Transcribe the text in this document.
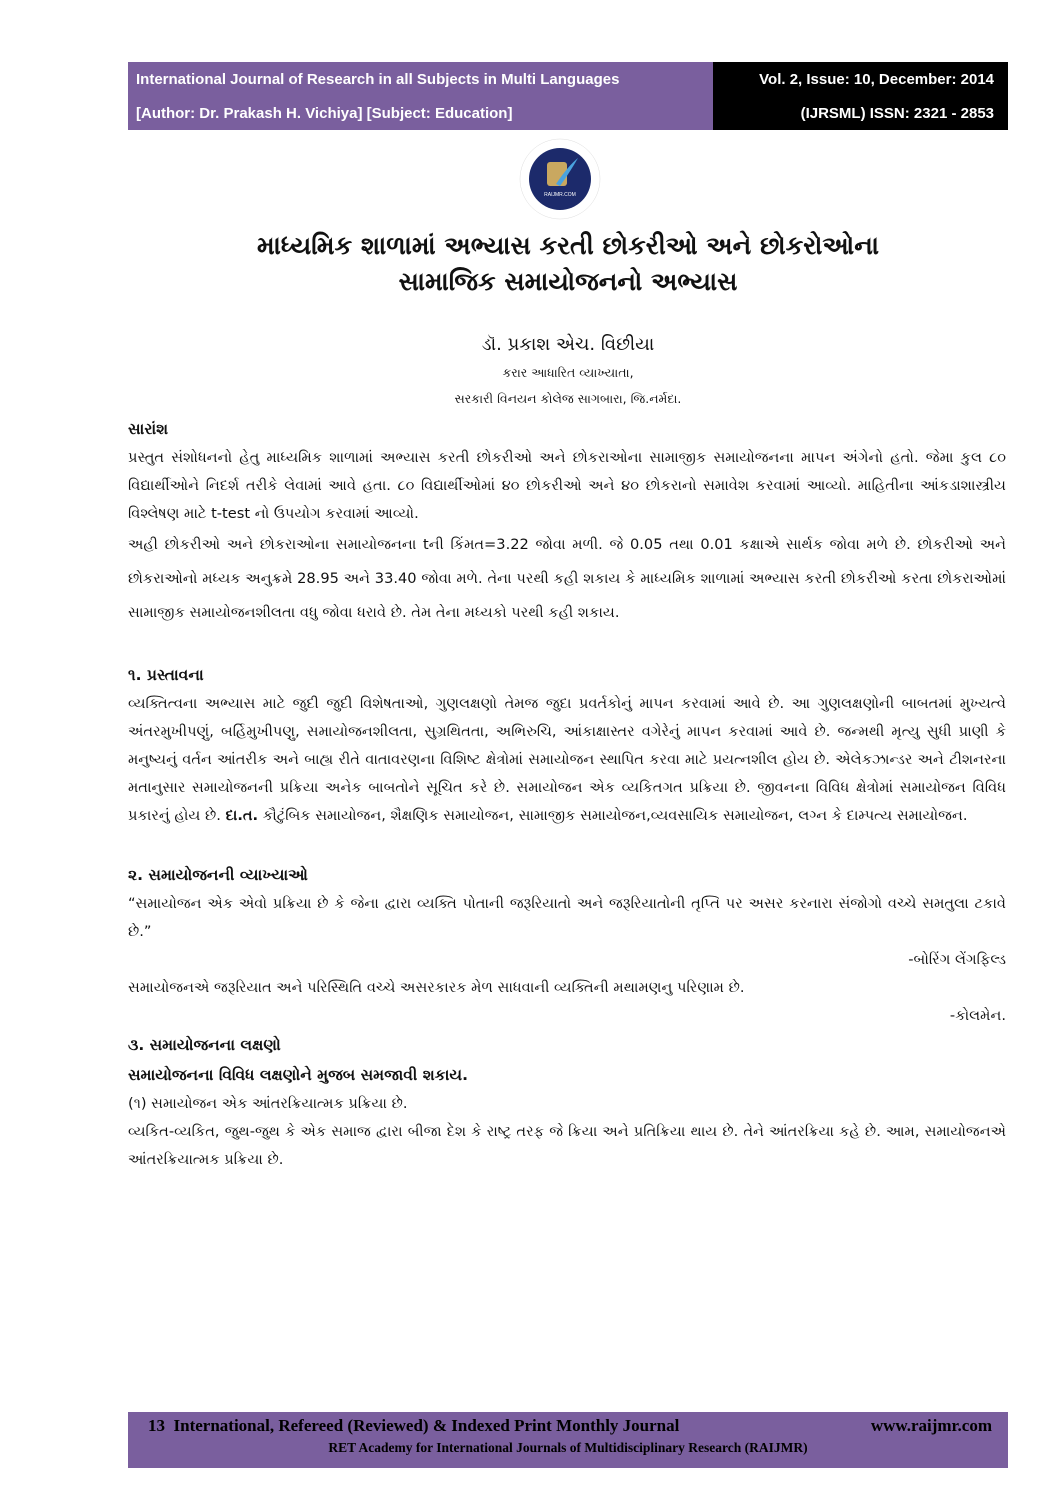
International Journal of Research in all Subjects in Multi Languages
[Author: Dr. Prakash H. Vichiya] [Subject: Education]
Vol. 2, Issue: 10, December: 2014
(IJRSML) ISSN: 2321 - 2853
RAIJMR.COM
માધ્યમિક શાળામાં અભ્યાસ કરતી છોકરીઓ અને છોકરોઓના
સામાજિક સમાયોજનનો અભ્યાસ
ડૉ. પ્રકાશ એચ. વિછીયા
કરાર આધારિત વ્યાખ્યાતા,
સરકારી વિનયન કોલેજ સાગબારા, જિ.નર્મદા.
સારાંશ
પ્રસ્તુત સંશોધનનો હેતુ માધ્યમિક શાળામાં અભ્યાસ કરતી છોકરીઓ અને છોકરાઓના સામાજીક સમાયોજનના માપન અંગેનો હતો. જેમા કુલ ૮૦ વિદ્યાર્થીઓને નિદર્શ તરીકે લેવામાં આવે હતા. ૮૦ વિદ્યાર્થીઓમાં ૪૦ છોકરીઓ અને ૪૦ છોકરાનો સમાવેશ કરવામાં આવ્યો. માહિતીના આંકડાશાસ્ત્રીય વિશ્લેષણ માટે t-test નો ઉપયોગ કરવામાં આવ્યો.
અહી છોકરીઓ અને છોકરાઓના સમાયોજનના tની કિંમત=3.22 જોવા મળી. જે 0.05 તથા 0.01 કક્ષાએ સાર્થક જોવા મળે છે. છોકરીઓ અને છોકરાઓનો મધ્યક અનુક્રમે 28.95 અને 33.40 જોવા મળે. તેના પરથી કહી શકાય કે માધ્યમિક શાળામાં અભ્યાસ કરતી છોકરીઓ કરતા છોકરાઓમાં સામાજીક સમાયોજનશીલતા વધુ જોવા ધરાવે છે. તેમ તેના મધ્યકો પરથી કહી શકાય.
૧. પ્રસ્તાવના
વ્યક્તિત્વના અભ્યાસ માટે જુદી જુદી વિશેષતાઓ, ગુણલક્ષણો તેમજ જુદા પ્રવર્તકોનું માપન કરવામાં આવે છે. આ ગુણલક્ષણોની બાબતમાં મુખ્યત્વે અંતરમુખીપણું, બર્હિમુખીપણુ, સમાયોજનશીલતા, સુગ્રથિતતા, અભિરુચિ, આંકાક્ષાસ્તર વગેરેનું માપન કરવામાં આવે છે. જન્મથી મૃત્યુ સુધી પ્રાણી કે મનુષ્યનું વર્તન આંતરીક અને બાહ્ય રીતે વાતાવરણના વિશિષ્ટ ક્ષેત્રોમાં સમાયોજન સ્થાપિત કરવા માટે પ્રયત્નશીલ હોય છે. એલેકઝાન્ડર અને ટીશનરના મતાનુસાર સમાયોજનની પ્રક્રિયા અનેક બાબતોને સૂચિત કરે છે. સમાયોજન એક વ્યકિતગત પ્રક્રિયા છે. જીવનના વિવિધ ક્ષેત્રોમાં સમાયોજન વિવિધ પ્રકારનું હોય છે. દા.ત. કૌટુંબિક સમાયોજન, શૈક્ષણિક સમાયોજન, સામાજીક સમાયોજન,વ્યવસાયિક સમાયોજન, લગ્ન કે દામ્પત્ય સમાયોજન.
૨. સમાયોજનની વ્યાખ્યાઓ
“સમાયોજન એક એવો પ્રક્રિયા છે કે જેના દ્વારા વ્યક્તિ પોતાની જરૂરિયાતો અને જરૂરિયાતોની તૃપ્તિ પર અસર કરનારા સંજોગો વચ્ચે સમતુલા ટકાવે છે.”
-બોરિંગ લેંગફિલ્ડ
સમાયોજનએ જરૂરિયાત અને પરિસ્થિતિ વચ્ચે અસરકારક મેળ સાધવાની વ્યક્તિની મથામણનુ પરિણામ છે.
-કોલમેન.
૩. સમાયોજનના લક્ષણો
સમાયોજનના વિવિધ લક્ષણોને મુજબ સમજાવી શકાય.
(૧) સમાયોજન એક આંતરક્રિયાત્મક પ્રક્રિયા છે.
વ્યકિત-વ્યકિત, જુથ-જુથ કે એક સમાજ દ્વારા બીજા દેશ કે રાષ્ટ્ર તરફ જે ક્રિયા અને પ્રતિક્રિયા થાય છે. તેને આંતરક્રિયા કહે છે. આમ, સમાયોજનએ આંતરક્રિયાત્મક પ્રક્રિયા છે.
13 International, Refereed (Reviewed) & Indexed Print Monthly Journal	www.raijmr.com
RET Academy for International Journals of Multidisciplinary Research (RAIJMR)
